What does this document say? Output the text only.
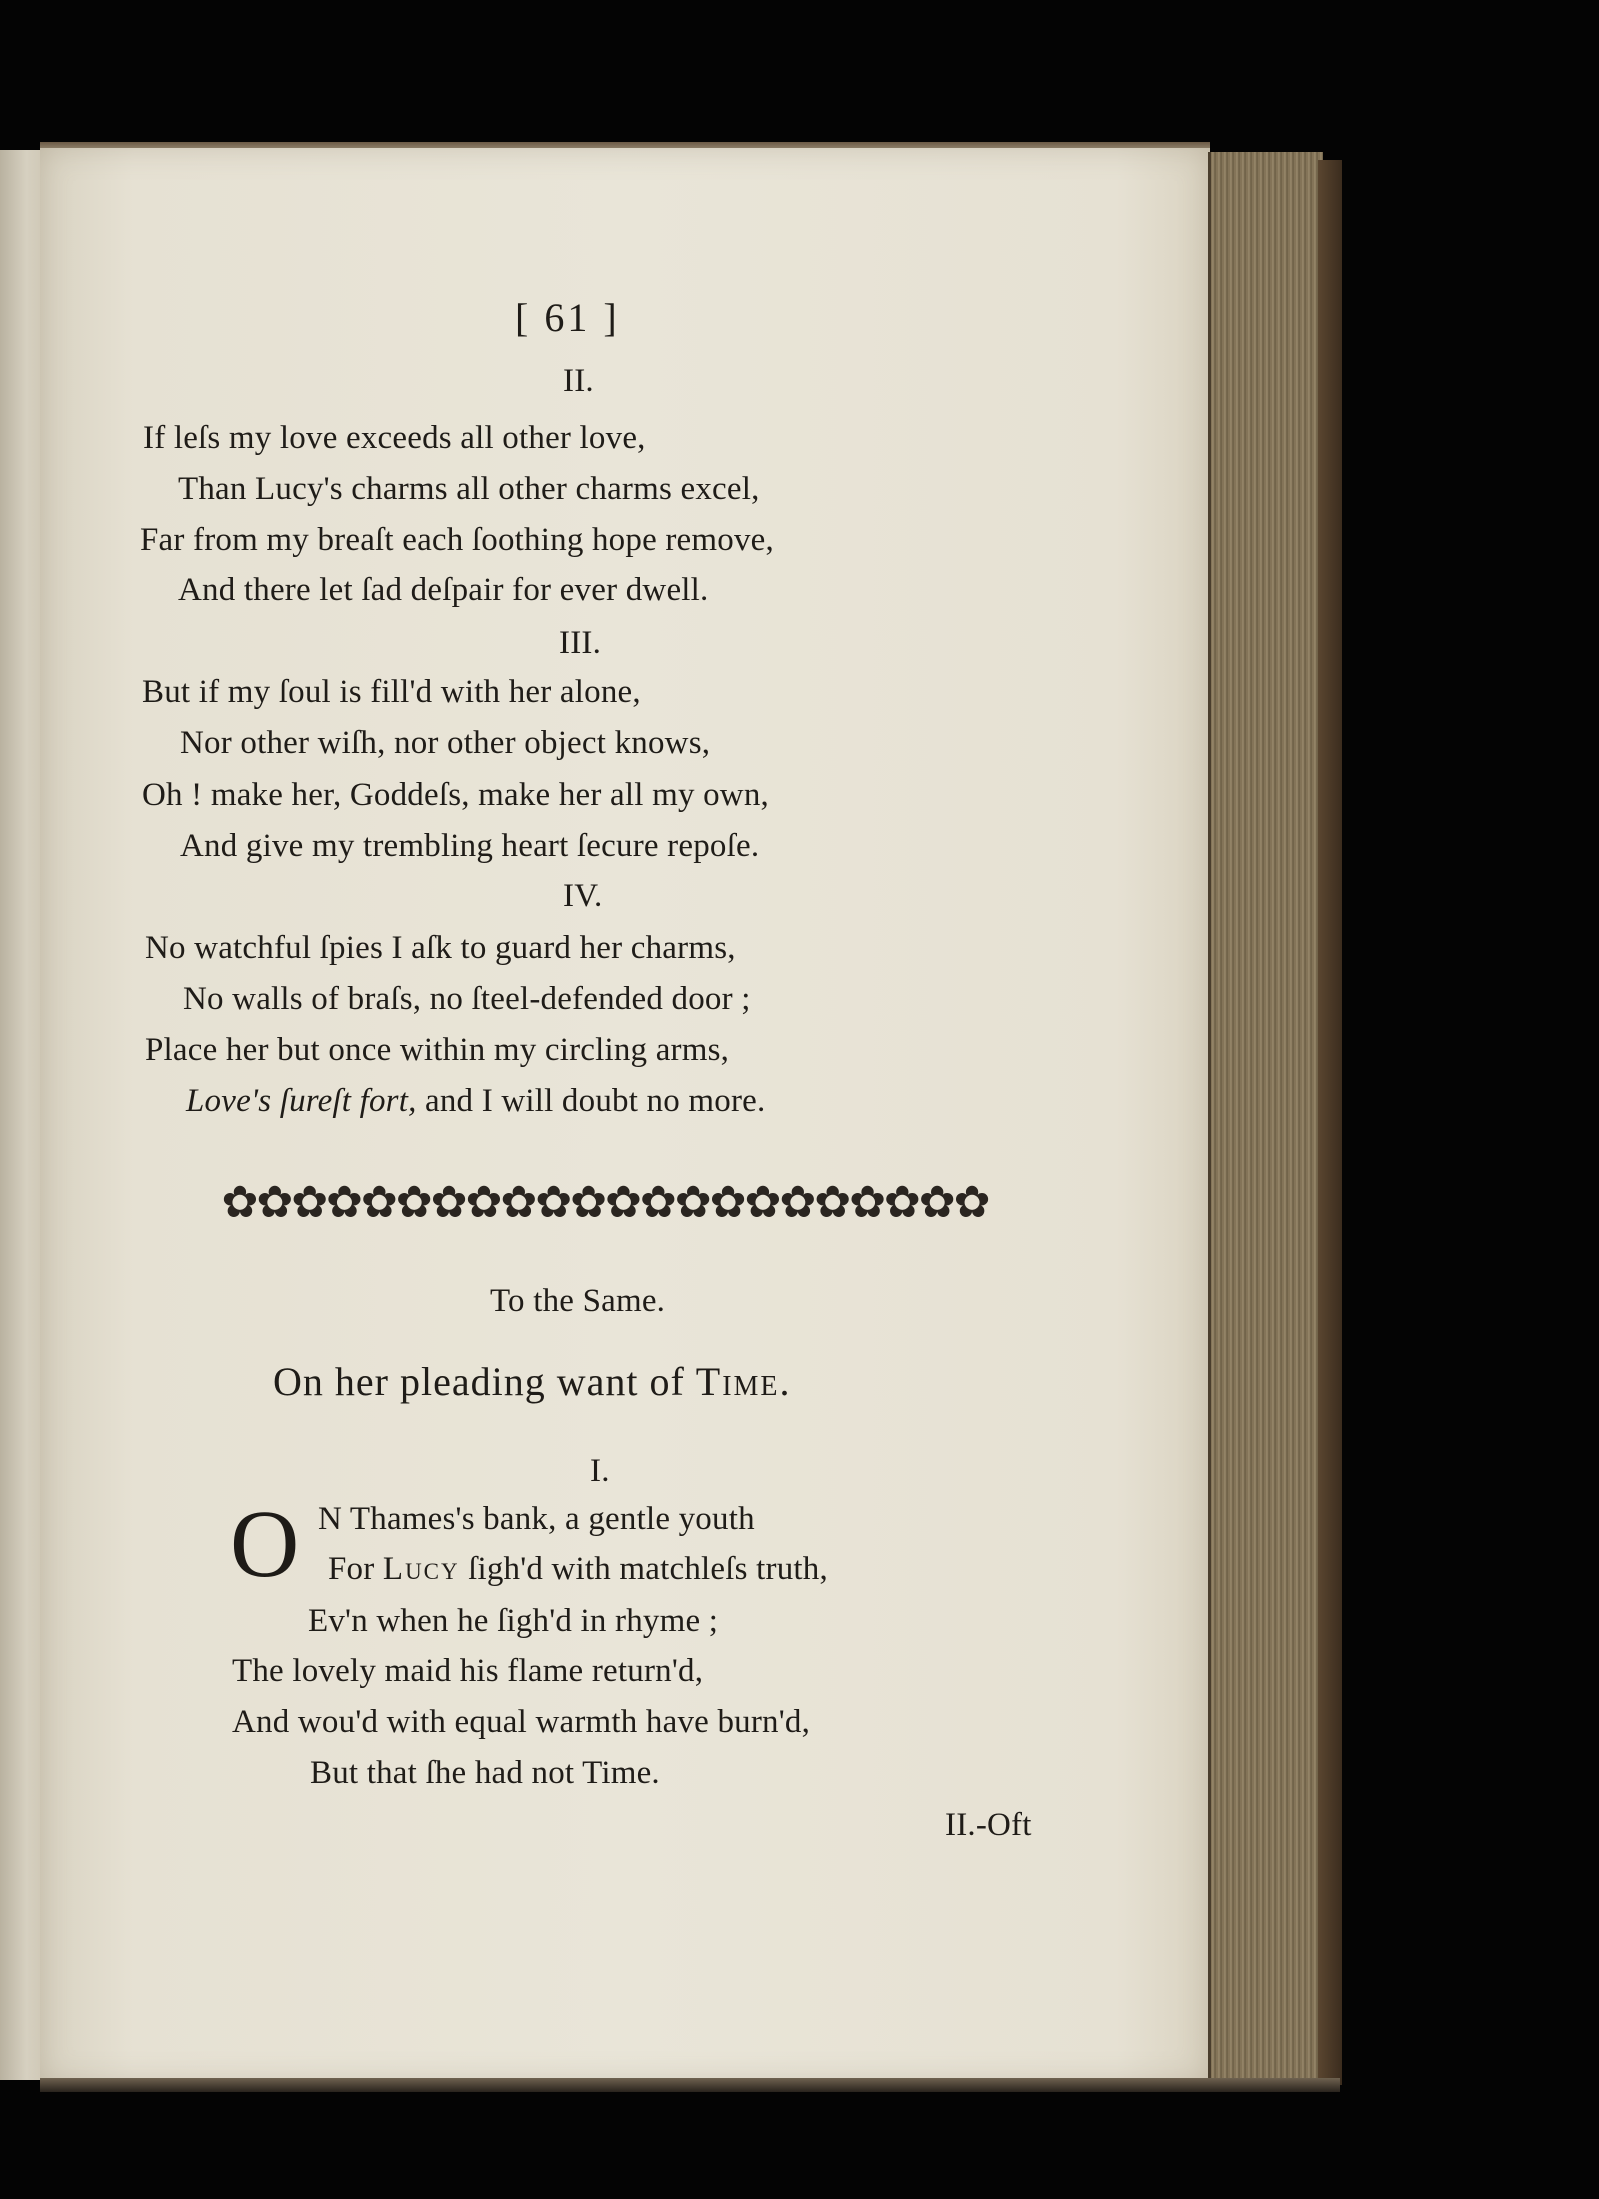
[ 61 ]
II.
If leſs my love exceeds all other love,
Than Lucy's charms all other charms excel,
Far from my breaſt each ſoothing hope remove,
And there let ſad deſpair for ever dwell.
III.
But if my ſoul is fill'd with her alone,
Nor other wiſh, nor other object knows,
Oh ! make her, Goddeſs, make her all my own,
And give my trembling heart ſecure repoſe.
IV.
No watchful ſpies I aſk to guard her charms,
No walls of braſs, no ſteel-defended door ;
Place her but once within my circling arms,
Love's ſureſt fort, and I will doubt no more.
✿✿✿✿✿✿✿✿✿✿✿✿✿✿✿✿✿✿✿✿✿✿
To the Same.
On her pleading want of Time.
I.
O N Thames's bank, a gentle youth
For Lucy ſigh'd with matchleſs truth,
Ev'n when he ſigh'd in rhyme ;
The lovely maid his flame return'd,
And wou'd with equal warmth have burn'd,
But that ſhe had not Time.
II.-Oft
